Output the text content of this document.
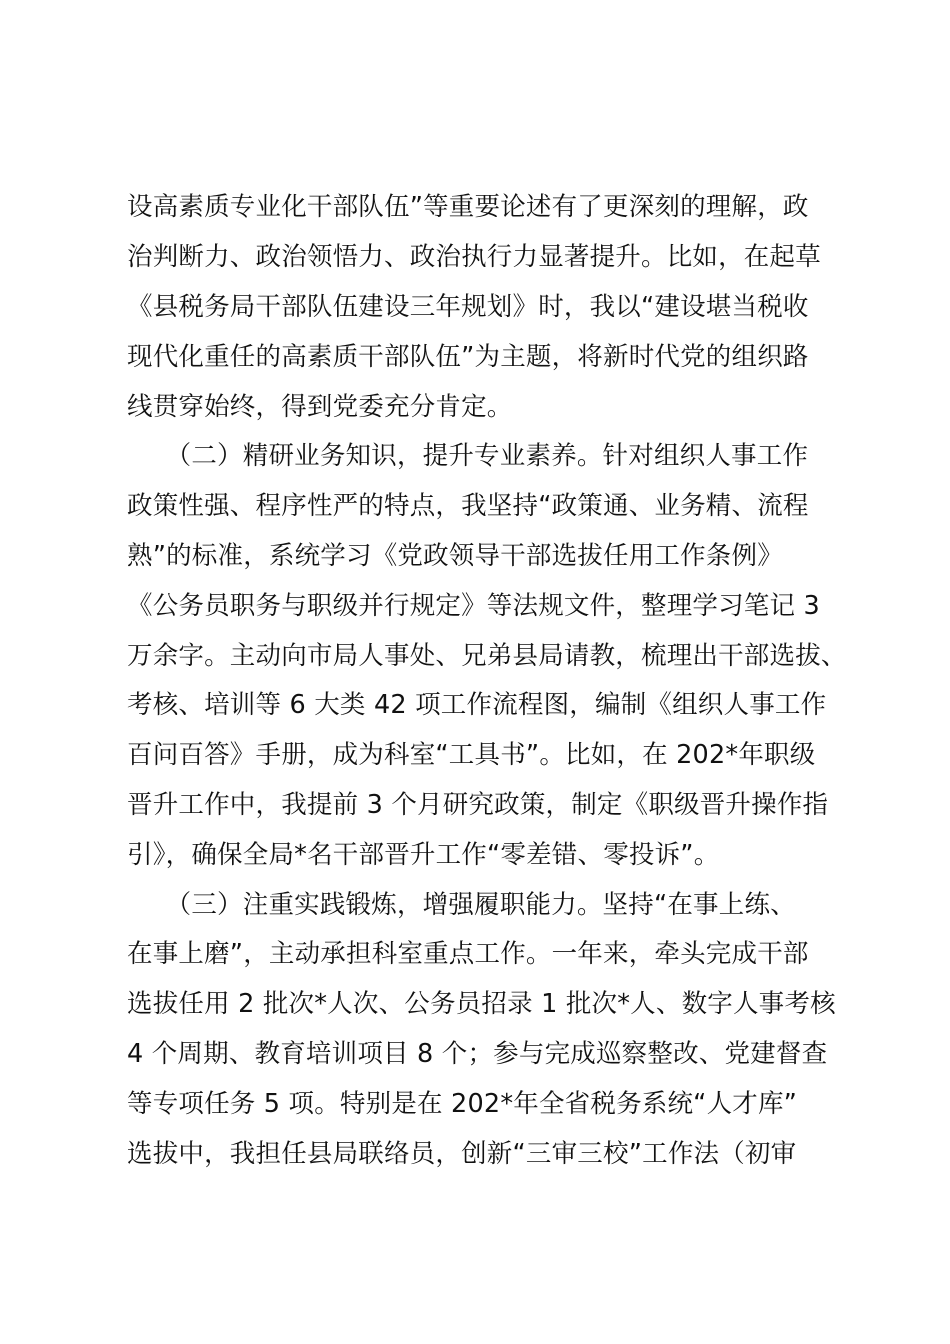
设高素质专业化干部队伍”等重要论述有了更深刻的理解，政
治判断力、政治领悟力、政治执行力显著提升。比如，在起草
《县税务局干部队伍建设三年规划》时，我以“建设堪当税收
现代化重任的高素质干部队伍”为主题，将新时代党的组织路
线贯穿始终，得到党委充分肯定。
　　（二）精研业务知识，提升专业素养。针对组织人事工作
政策性强、程序性严的特点，我坚持“政策通、业务精、流程
熟”的标准，系统学习《党政领导干部选拔任用工作条例》
《公务员职务与职级并行规定》等法规文件，整理学习笔记 3
万余字。主动向市局人事处、兄弟县局请教，梳理出干部选拔、
考核、培训等 6 大类 42 项工作流程图，编制《组织人事工作
百问百答》手册，成为科室“工具书”。比如，在 202*年职级
晋升工作中，我提前 3 个月研究政策，制定《职级晋升操作指
引》，确保全局*名干部晋升工作“零差错、零投诉”。
　　（三）注重实践锻炼，增强履职能力。坚持“在事上练、
在事上磨”，主动承担科室重点工作。一年来，牵头完成干部
选拔任用 2 批次*人次、公务员招录 1 批次*人、数字人事考核
4 个周期、教育培训项目 8 个；参与完成巡察整改、党建督查
等专项任务 5 项。特别是在 202*年全省税务系统“人才库”
选拔中，我担任县局联络员，创新“三审三校”工作法（初审
